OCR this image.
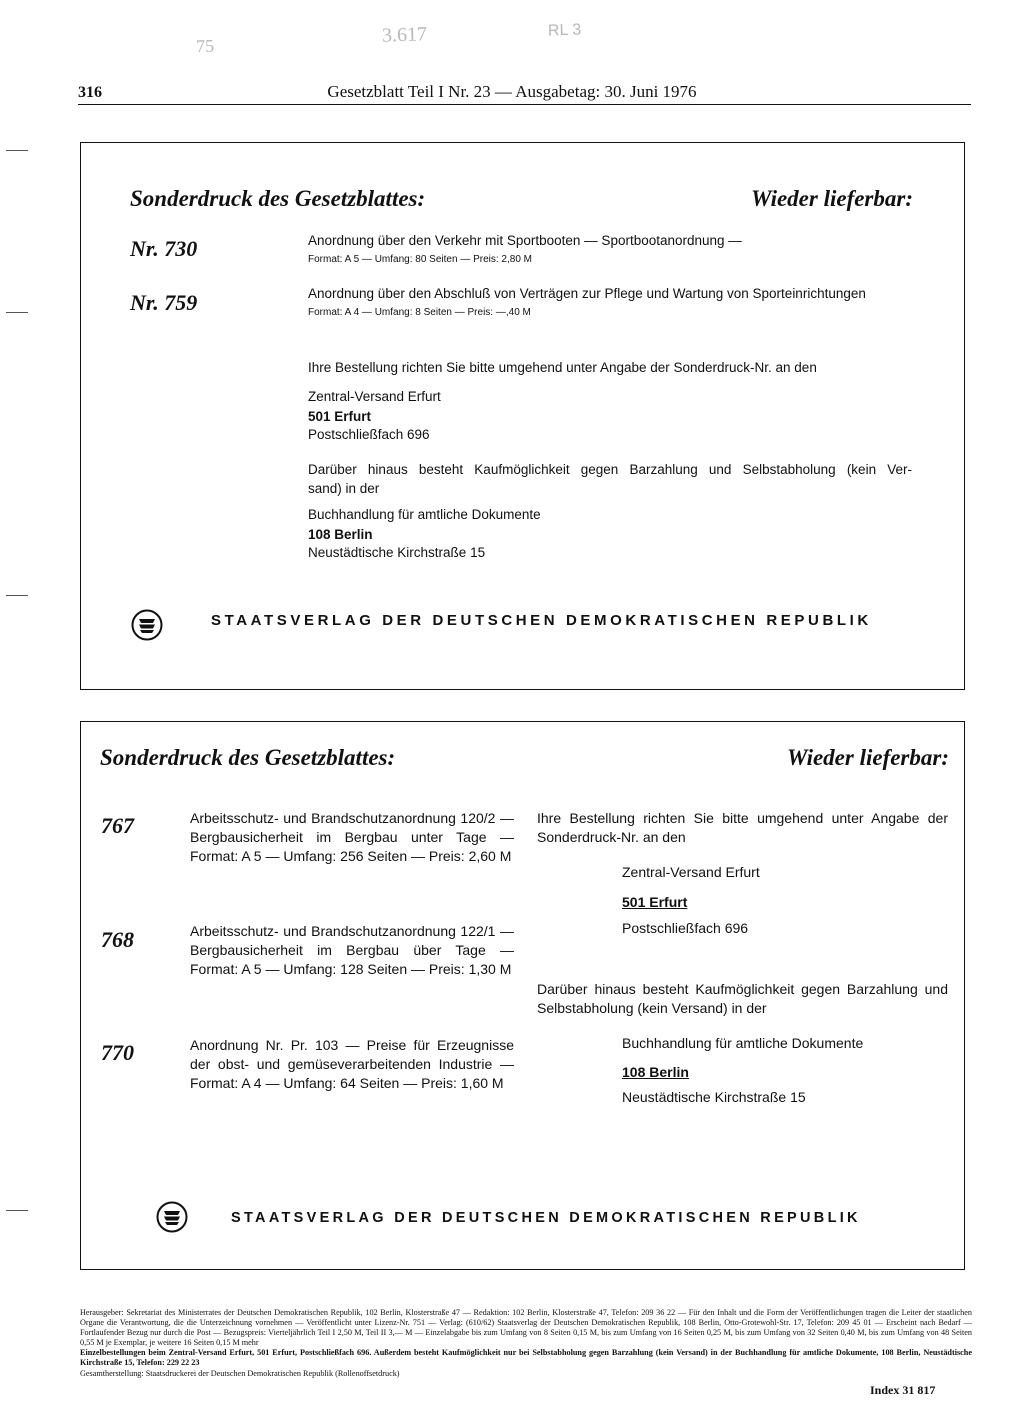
75	3.617	RL 3
316	Gesetzblatt Teil I Nr. 23 — Ausgabetag: 30. Juni 1976
Sonderdruck des Gesetzblattes:	Wieder lieferbar:
Nr. 730	Anordnung über den Verkehr mit Sportbooten — Sportbootanordnung —
Format: A 5 — Umfang: 80 Seiten — Preis: 2,80 M
Nr. 759	Anordnung über den Abschluß von Verträgen zur Pflege und Wartung von Sporteinrichtungen
Format: A 4 — Umfang: 8 Seiten — Preis: —,40 M
Ihre Bestellung richten Sie bitte umgehend unter Angabe der Sonderdruck-Nr. an den
Zentral-Versand Erfurt
501 Erfurt
Postschließfach 696
Darüber hinaus besteht Kaufmöglichkeit gegen Barzahlung und Selbstabholung (kein Ver-
sand) in der
Buchhandlung für amtliche Dokumente
108 Berlin
Neustädtische Kirchstraße 15
STAATSVERLAG DER DEUTSCHEN DEMOKRATISCHEN REPUBLIK
Sonderdruck des Gesetzblattes:	Wieder lieferbar:
767	Arbeitsschutz- und Brandschutzanordnung 120/2 — Bergbausicherheit im Bergbau unter Tage — Format: A 5 — Umfang: 256 Seiten — Preis: 2,60 M
768	Arbeitsschutz- und Brandschutzanordnung 122/1 — Bergbausicherheit im Bergbau über Tage — Format: A 5 — Umfang: 128 Seiten — Preis: 1,30 M
770	Anordnung Nr. Pr. 103 — Preise für Erzeugnisse der obst- und gemüseverarbeitenden Industrie — Format: A 4 — Umfang: 64 Seiten — Preis: 1,60 M
Ihre Bestellung richten Sie bitte umgehend unter Angabe der Sonderdruck-Nr. an den
Zentral-Versand Erfurt
501 Erfurt
Postschließfach 696
Darüber hinaus besteht Kaufmöglichkeit gegen Barzahlung und Selbstabholung (kein Versand) in der
Buchhandlung für amtliche Dokumente
108 Berlin
Neustädtische Kirchstraße 15
STAATSVERLAG DER DEUTSCHEN DEMOKRATISCHEN REPUBLIK

Herausgeber: Sekretariat des Ministerrates der Deutschen Demokratischen Republik, 102 Berlin, Klosterstraße 47 — Redaktion: 102 Berlin, Klosterstraße 47, Telefon: 209 36 22 — Für den Inhalt und die Form der Veröffentlichungen tragen die Leiter der staatlichen Organe die Verantwortung, die die Unterzeichnung vornehmen — Veröffentlicht unter Lizenz-Nr. 751 — Verlag: (610/62) Staatsverlag der Deutschen Demokratischen Republik, 108 Berlin, Otto-Grotewohl-Str. 17, Telefon: 209 45 01 — Erscheint nach Bedarf — Fortlaufender Bezug nur durch die Post — Bezugspreis: Vierteljährlich Teil I 2,50 M, Teil II 3,— M — Einzelabgabe bis zum Umfang von 8 Seiten 0,15 M, bis zum Umfang von 16 Seiten 0,25 M, bis zum Umfang von 32 Seiten 0,40 M, bis zum Umfang von 48 Seiten 0,55 M je Exemplar, je weitere 16 Seiten 0,15 M mehr

Einzelbestellungen beim Zentral-Versand Erfurt, 501 Erfurt, Postschließfach 696. Außerdem besteht Kaufmöglichkeit nur bei Selbstabholung gegen Barzahlung (kein Versand) in der Buchhandlung für amtliche Dokumente, 108 Berlin, Neustädtische Kirchstraße 15, Telefon: 229 22 23

Gesamtherstellung: Staatsdruckerei der Deutschen Demokratischen Republik (Rollenoffsetdruck)

Index 31 817
